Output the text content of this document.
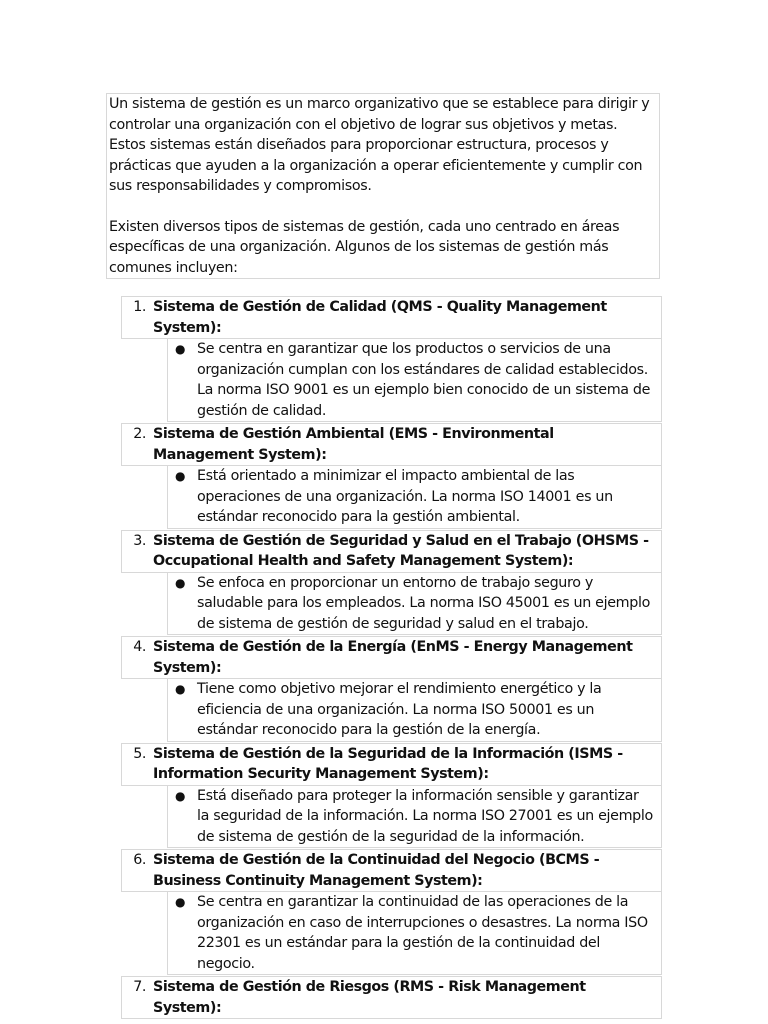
Un sistema de gestión es un marco organizativo que se establece para dirigir y controlar una organización con el objetivo de lograr sus objetivos y metas. Estos sistemas están diseñados para proporcionar estructura, procesos y prácticas que ayuden a la organización a operar eficientemente y cumplir con sus responsabilidades y compromisos.

Existen diversos tipos de sistemas de gestión, cada uno centrado en áreas específicas de una organización. Algunos de los sistemas de gestión más comunes incluyen:

1. Sistema de Gestión de Calidad (QMS - Quality Management System):
● Se centra en garantizar que los productos o servicios de una organización cumplan con los estándares de calidad establecidos. La norma ISO 9001 es un ejemplo bien conocido de un sistema de gestión de calidad.
2. Sistema de Gestión Ambiental (EMS - Environmental Management System):
● Está orientado a minimizar el impacto ambiental de las operaciones de una organización. La norma ISO 14001 es un estándar reconocido para la gestión ambiental.
3. Sistema de Gestión de Seguridad y Salud en el Trabajo (OHSMS - Occupational Health and Safety Management System):
● Se enfoca en proporcionar un entorno de trabajo seguro y saludable para los empleados. La norma ISO 45001 es un ejemplo de sistema de gestión de seguridad y salud en el trabajo.
4. Sistema de Gestión de la Energía (EnMS - Energy Management System):
● Tiene como objetivo mejorar el rendimiento energético y la eficiencia de una organización. La norma ISO 50001 es un estándar reconocido para la gestión de la energía.
5. Sistema de Gestión de la Seguridad de la Información (ISMS - Information Security Management System):
● Está diseñado para proteger la información sensible y garantizar la seguridad de la información. La norma ISO 27001 es un ejemplo de sistema de gestión de la seguridad de la información.
6. Sistema de Gestión de la Continuidad del Negocio (BCMS - Business Continuity Management System):
● Se centra en garantizar la continuidad de las operaciones de la organización en caso de interrupciones o desastres. La norma ISO 22301 es un estándar para la gestión de la continuidad del negocio.
7. Sistema de Gestión de Riesgos (RMS - Risk Management System):
